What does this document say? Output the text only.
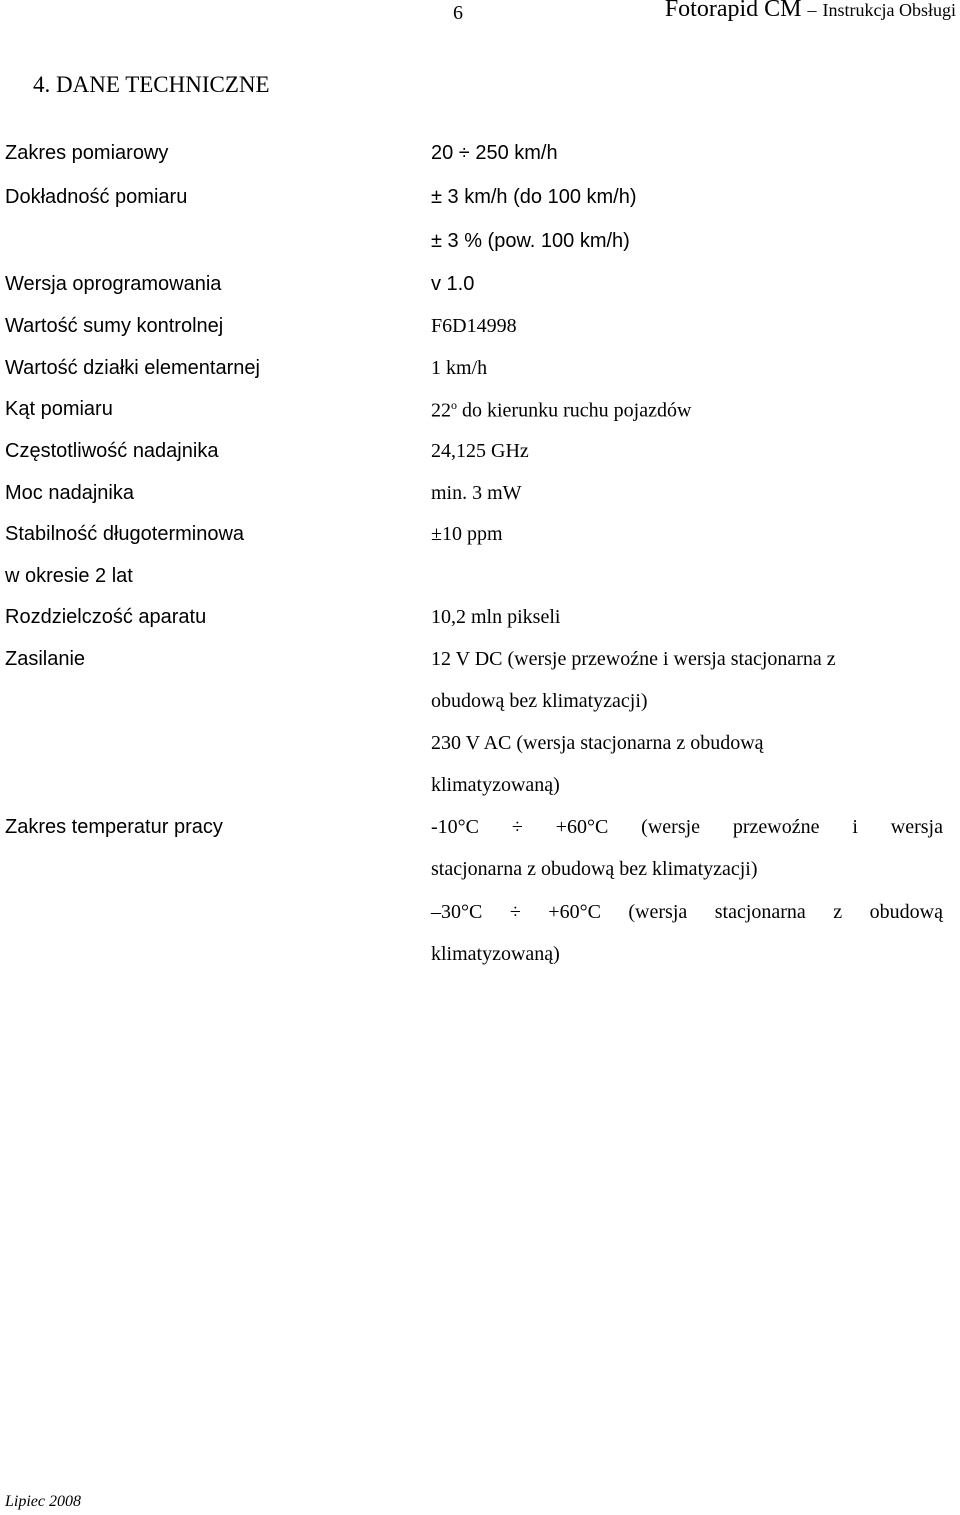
6	Fotorapid CM – Instrukcja Obsługi
4. DANE TECHNICZNE
Zakres pomiarowy
Dokładność pomiaru
Wersja oprogramowania
Wartość sumy kontrolnej
Wartość działki elementarnej
Kąt pomiaru
Częstotliwość nadajnika
Moc nadajnika
Stabilność długoterminowa
w okresie 2 lat
Rozdzielczość aparatu
Zasilanie
Zakres temperatur pracy
20 ÷ 250 km/h
± 3 km/h (do 100 km/h)
± 3 % (pow. 100 km/h)
v 1.0
F6D14998
1 km/h
22$^o$ do kierunku ruchu pojazdów
24,125 GHz
min. 3 mW
±10 ppm
10,2 mln pikseli
12 V DC (wersje przewoźne i wersja stacjonarna z
obudową bez klimatyzacji)
230 V AC (wersja stacjonarna z obudową
klimatyzowaną)
-10°C ÷ +60°C (wersje przewoźne i wersja
stacjonarna z obudową bez klimatyzacji)
–30°C ÷ +60°C (wersja stacjonarna z obudową
klimatyzowaną)
Lipiec 2008
